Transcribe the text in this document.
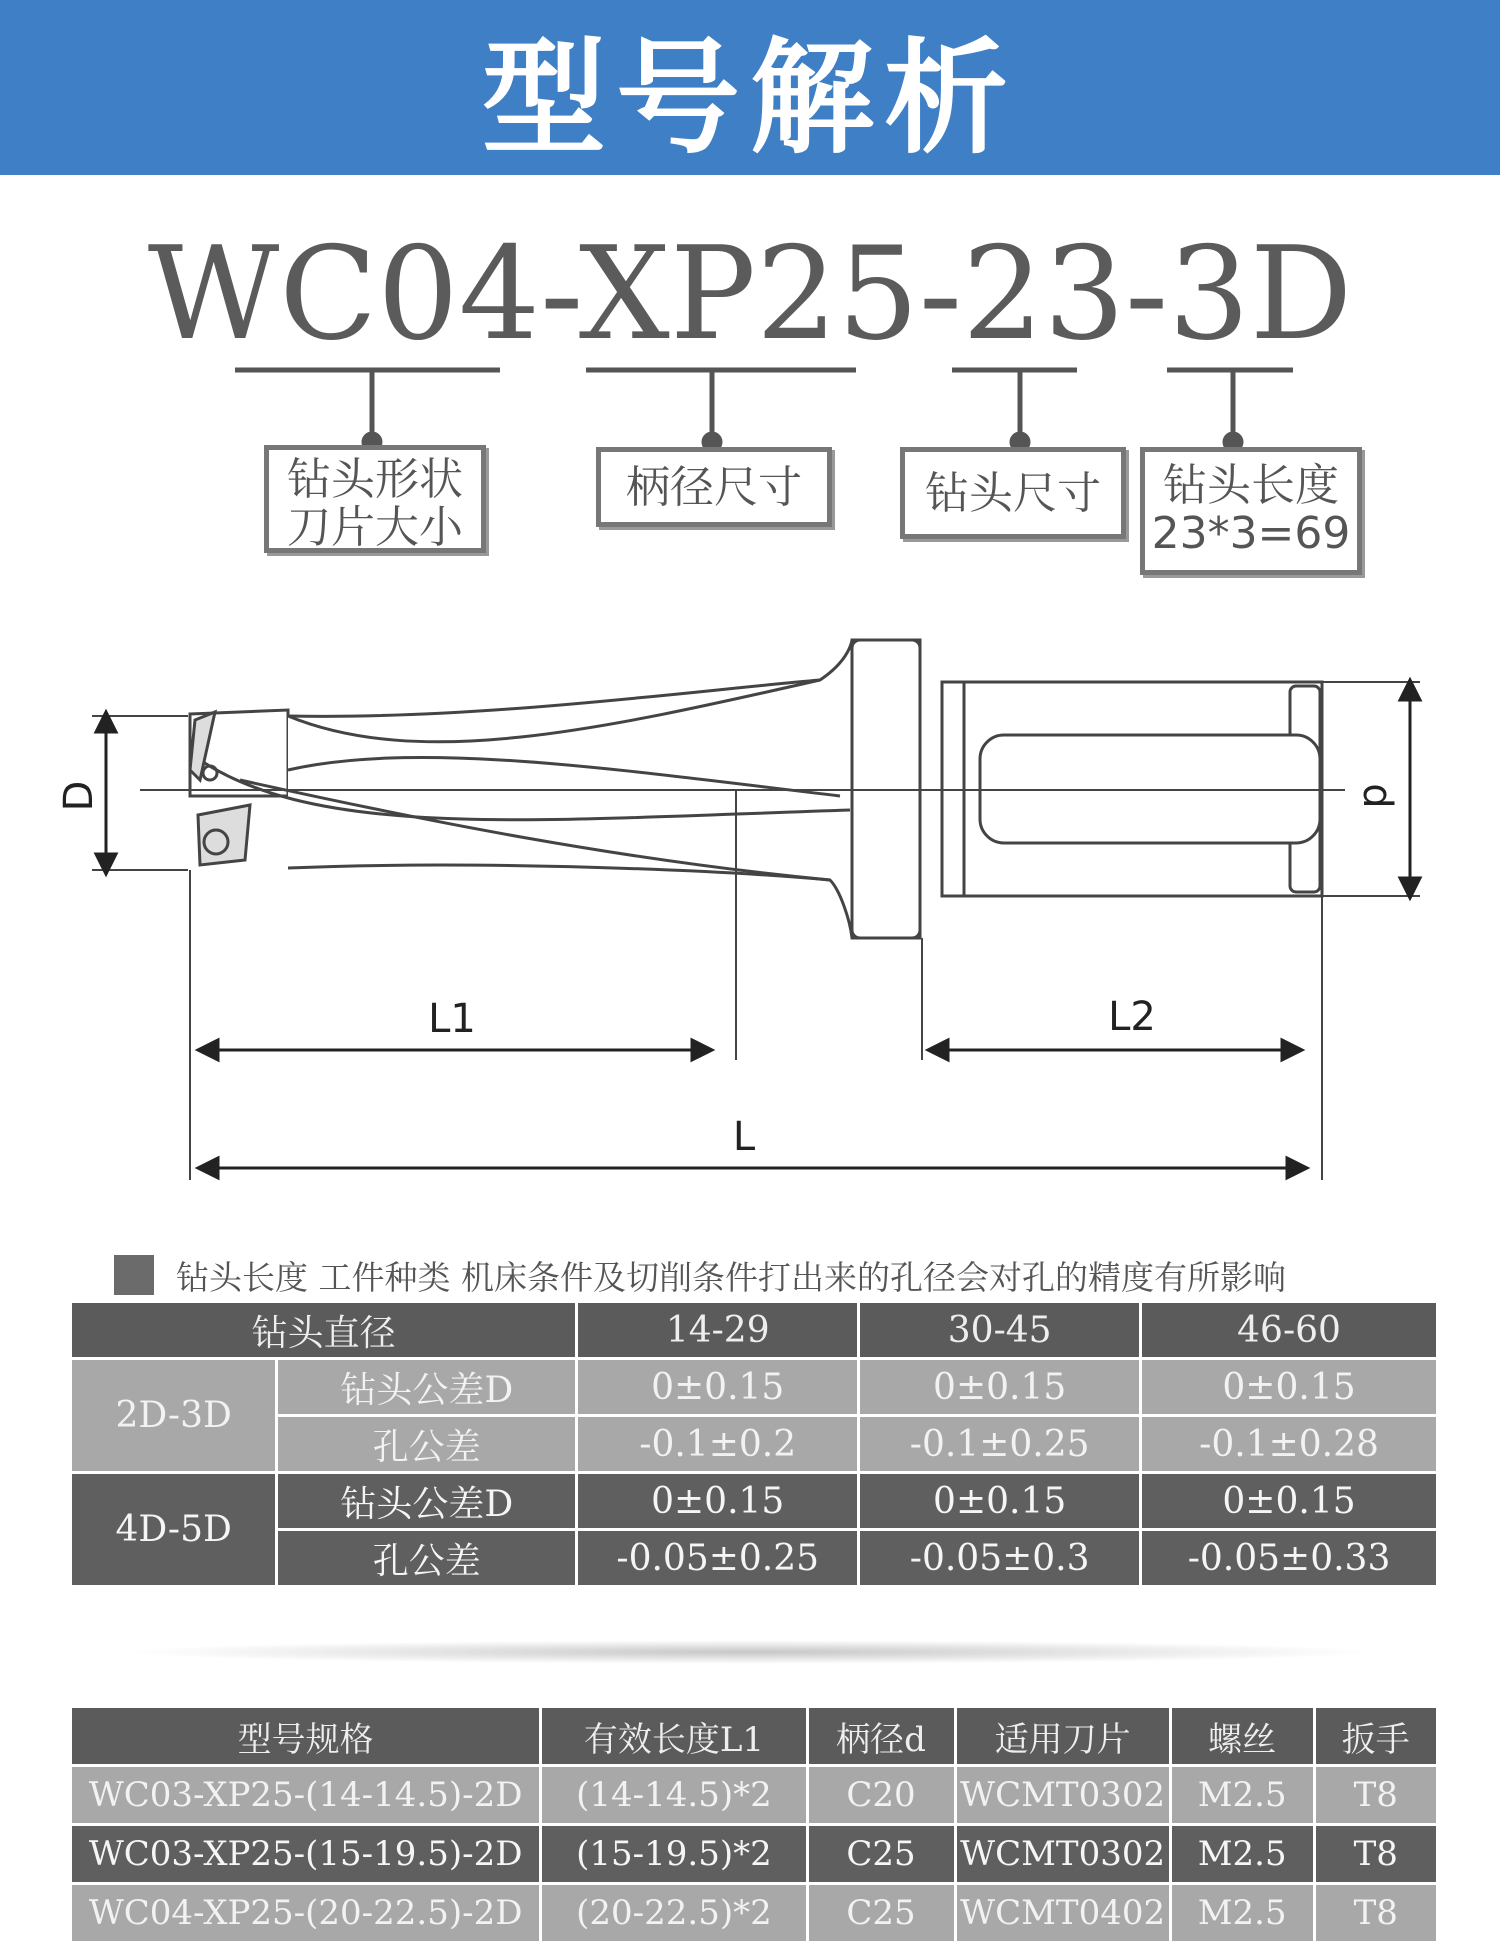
型号解析
WC04-XP25-23-3D
钻头形状
刀片大小
柄径尺寸	钻头尺寸	钻头长度
23*3=69
D	d
L1	L2
L
钻头长度 工件种类 机床条件及切削条件打出来的孔径会对孔的精度有所影响
钻头直径		14-29	30-45	46-60
2D-3D	钻头公差D	0±0.15	0±0.15	0±0.15
	孔公差	-0.1±0.2	-0.1±0.25	-0.1±0.28
4D-5D	钻头公差D	0±0.15	0±0.15	0±0.15
	孔公差	-0.05±0.25	-0.05±0.3	-0.05±0.33
型号规格	有效长度L1	柄径d	适用刀片	螺丝	扳手
WC03-XP25-(14-14.5)-2D	(14-14.5)*2	C20	WCMT0302	M2.5	T8
WC03-XP25-(15-19.5)-2D	(15-19.5)*2	C25	WCMT0302	M2.5	T8
WC04-XP25-(20-22.5)-2D	(20-22.5)*2	C25	WCMT0402	M2.5	T8
